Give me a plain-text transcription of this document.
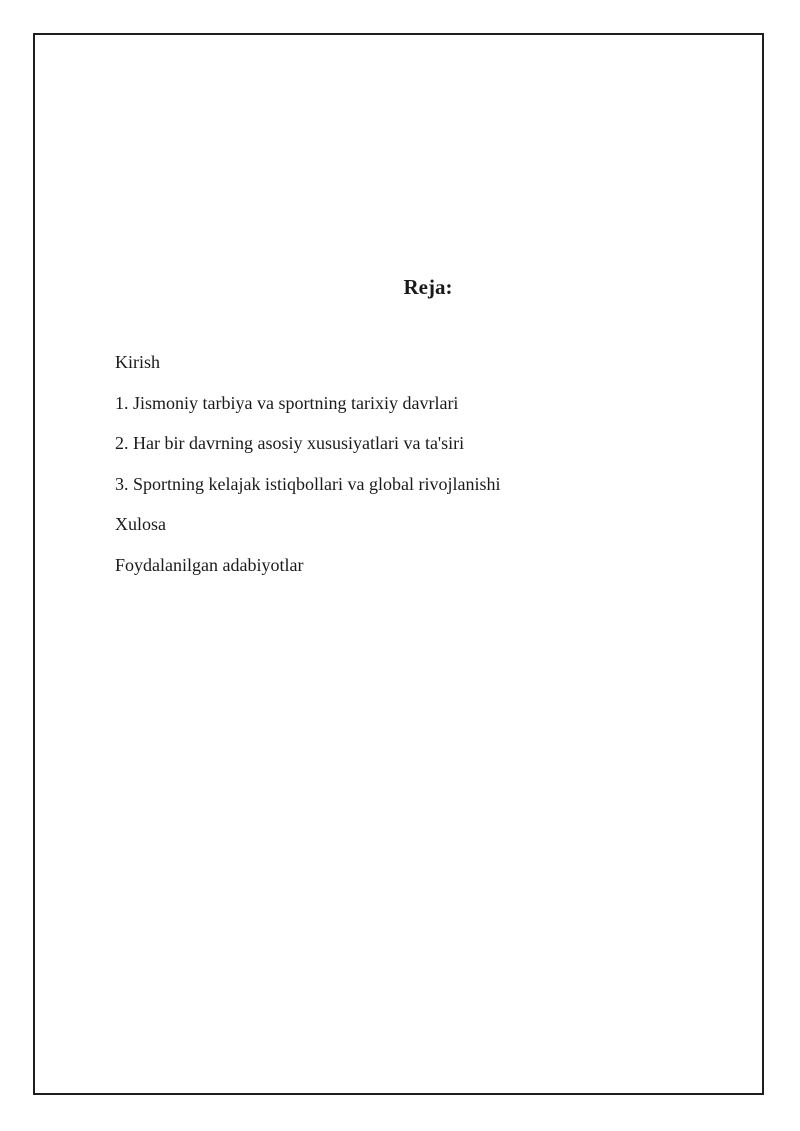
Reja:
Kirish
1. Jismoniy tarbiya va sportning tarixiy davrlari
2. Har bir davrning asosiy xususiyatlari va ta'siri
3. Sportning kelajak istiqbollari va global rivojlanishi
Xulosa
Foydalanilgan adabiyotlar
